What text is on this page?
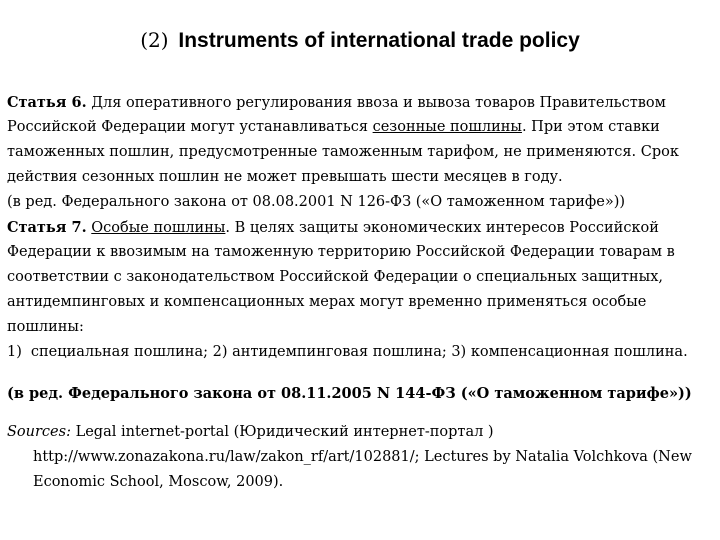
(2) Instruments of international trade policy
Статья 6. Для оперативного регулирования ввоза и вывоза товаров Правительством
Российской Федерации могут устанавливаться сезонные пошлины. При этом ставки
таможенных пошлин, предусмотренные таможенным тарифом, не применяются. Срок
действия сезонных пошлин не может превышать шести месяцев в году.
(в ред. Федерального закона от 08.08.2001 N 126-ФЗ («О таможенном тарифе»))
Статья 7. Особые пошлины. В целях защиты экономических интересов Российской
Федерации к ввозимым на таможенную территорию Российской Федерации товарам в
соответствии с законодательством Российской Федерации о специальных защитных,
антидемпинговых и компенсационных мерах могут временно применяться особые
пошлины:
1) специальная пошлина; 2) антидемпинговая пошлина; 3) компенсационная пошлина.
(в ред. Федерального закона от 08.11.2005 N 144-ФЗ («О таможенном тарифе»))
Sources: Legal internet-portal (Юридический интернет-портал )
http://www.zonazakona.ru/law/zakon_rf/art/102881/; Lectures by Natalia Volchkova (New
Economic School, Moscow, 2009).
